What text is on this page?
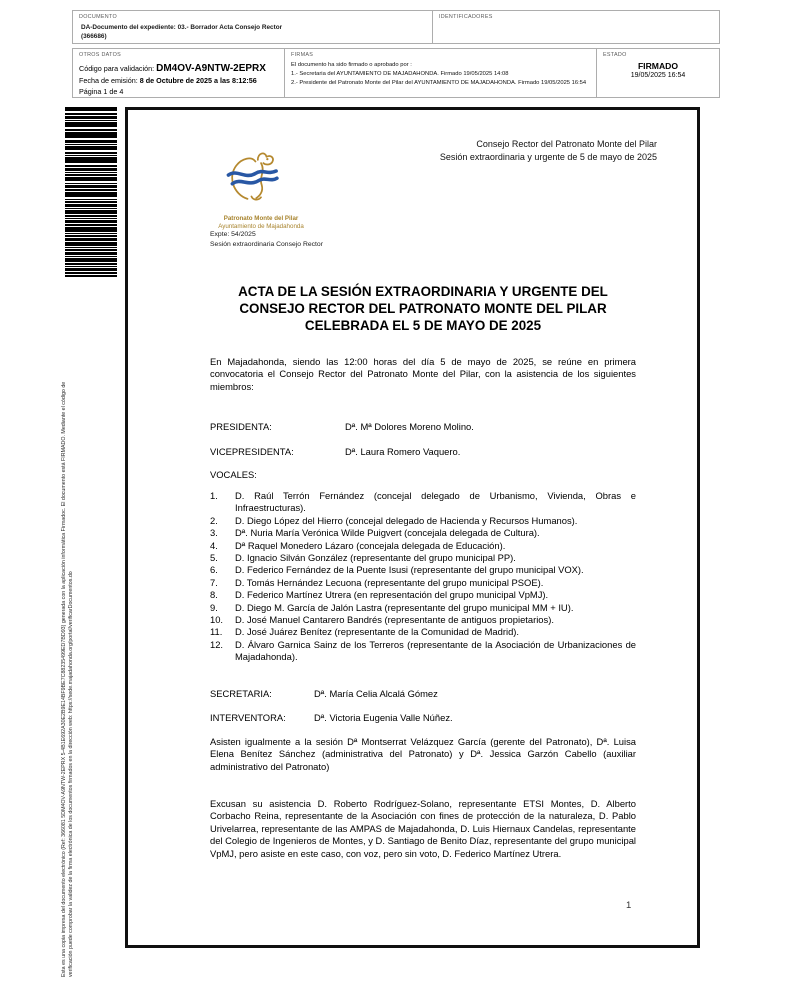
DOCUMENTO
DA-Documento del expediente: 03.- Borrador Acta Consejo Rector (366686)
IDENTIFICADORES
OTROS DATOS
Código para validación: DM4OV-A9NTW-2EPRX
Fecha de emisión: 8 de Octubre de 2025 a las 8:12:56
Página 1 de 4
FIRMAS
El documento ha sido firmado o aprobado por :
1.- Secretaria del AYUNTAMIENTO DE MAJADAHONDA. Firmado 19/05/2025 14:08
2.- Presidente del Patronato Monte del Pilar del AYUNTAMIENTO DE MAJADAHONDA. Firmado 19/05/2025 16:54
ESTADO
FIRMADO
19/05/2025 16:54
Esta es una copia impresa del documento electrónico (Ref: 366081 5DM4OV-A9NTW-2EPRX 5-4B1E692A30E2B9E14BF9BE7C88235499ED7BD93) generada con la aplicación informática Firmadoc. El documento está FIRMADO. Mediante el código de verificación puede comprobar la validez de la firma electrónica de los documentos firmados en la dirección web: https://sede.majadahonda.org/portal/verificarDocumentos.do
Consejo Rector del Patronato Monte del Pilar
Sesión extraordinaria y urgente de 5 de mayo de 2025
Patronato Monte del Pilar
Ayuntamiento de Majadahonda
Expte: 54/2025
Sesión extraordinaria Consejo Rector
ACTA DE LA SESIÓN EXTRAORDINARIA Y URGENTE DEL
CONSEJO RECTOR DEL PATRONATO MONTE DEL PILAR
CELEBRADA EL 5 DE MAYO DE 2025
En Majadahonda, siendo las 12:00 horas del día 5 de mayo de 2025, se reúne en primera convocatoria el Consejo Rector del Patronato Monte del Pilar, con la asistencia de los siguientes miembros:
PRESIDENTA:	Dª. Mª Dolores Moreno Molino.
VICEPRESIDENTA:	Dª. Laura Romero Vaquero.
VOCALES:
1.	D. Raúl Terrón Fernández (concejal delegado de Urbanismo, Vivienda, Obras e Infraestructuras).
2.	D. Diego López del Hierro (concejal delegado de Hacienda y Recursos Humanos).
3.	Dª. Nuria María Verónica Wilde Puigvert (concejala delegada de Cultura).
4.	Dª Raquel Monedero Lázaro (concejala delegada de Educación).
5.	D. Ignacio Silván González (representante del grupo municipal PP).
6.	D. Federico Fernández de la Puente Isusi (representante del grupo municipal VOX).
7.	D. Tomás Hernández Lecuona (representante del grupo municipal PSOE).
8.	D. Federico Martínez Utrera (en representación del grupo municipal VpMJ).
9.	D. Diego M. García de Jalón Lastra (representante del grupo municipal MM + IU).
10.	D. José Manuel Cantarero Bandrés (representante de antiguos propietarios).
11.	D. José Juárez Benítez (representante de la Comunidad de Madrid).
12.	D. Álvaro Garnica Sainz de los Terreros (representante de la Asociación de Urbanizaciones de Majadahonda).
SECRETARIA:	Dª. María Celia Alcalá Gómez
INTERVENTORA:	Dª. Victoria Eugenia Valle Núñez.
Asisten igualmente a la sesión Dª Montserrat Velázquez García (gerente del Patronato), Dª. Luisa Elena Benítez Sánchez (administrativa del Patronato) y Dª. Jessica Garzón Cabello (auxiliar administrativo del Patronato)
Excusan su asistencia D. Roberto Rodríguez-Solano, representante ETSI Montes, D. Alberto Corbacho Reina, representante de la Asociación con fines de protección de la naturaleza, D. Pablo Urivelarrea, representante de las AMPAS de Majadahonda, D. Luis Hiernaux Candelas, representante del Colegio de Ingenieros de Montes, y D. Santiago de Benito Díaz, representante del grupo municipal VpMJ, pero asiste en este caso, con voz, pero sin voto, D. Federico Martínez Utrera.
1
